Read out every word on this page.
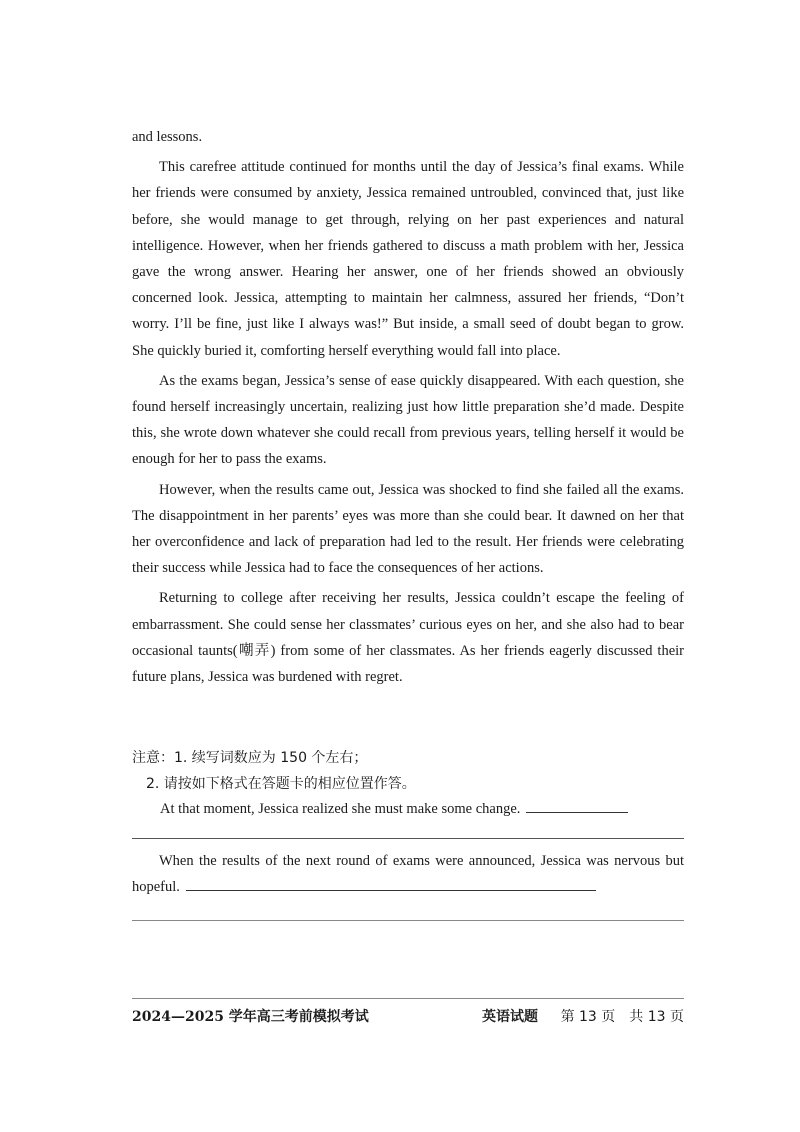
and lessons.

This carefree attitude continued for months until the day of Jessica’s final exams. While her friends were consumed by anxiety, Jessica remained untroubled, convinced that, just like before, she would manage to get through, relying on her past experiences and natural intelligence. However, when her friends gathered to discuss a math problem with her, Jessica gave the wrong answer. Hearing her answer, one of her friends showed an obviously concerned look. Jessica, attempting to maintain her calmness, assured her friends, “Don’t worry. I’ll be fine, just like I always was!” But inside, a small seed of doubt began to grow. She quickly buried it, comforting herself everything would fall into place.

As the exams began, Jessica’s sense of ease quickly disappeared. With each question, she found herself increasingly uncertain, realizing just how little preparation she’d made. Despite this, she wrote down whatever she could recall from previous years, telling herself it would be enough for her to pass the exams.

However, when the results came out, Jessica was shocked to find she failed all the exams. The disappointment in her parents’ eyes was more than she could bear. It dawned on her that her overconfidence and lack of preparation had led to the result. Her friends were celebrating their success while Jessica had to face the consequences of her actions.

Returning to college after receiving her results, Jessica couldn’t escape the feeling of embarrassment. She could sense her classmates’ curious eyes on her, and she also had to bear occasional taunts(嘲弄) from some of her classmates. As her friends eagerly discussed their future plans, Jessica was burdened with regret.

注意：1. 续写词数应为 150 个左右；

2. 请按如下格式在答题卡的相应位置作答。

At that moment, Jessica realized she must make some change.

When the results of the next round of exams were announced, Jessica was nervous but hopeful.

2024—2025 学年高三考前模拟考试	英语试题 第 13 页　共 13 页
